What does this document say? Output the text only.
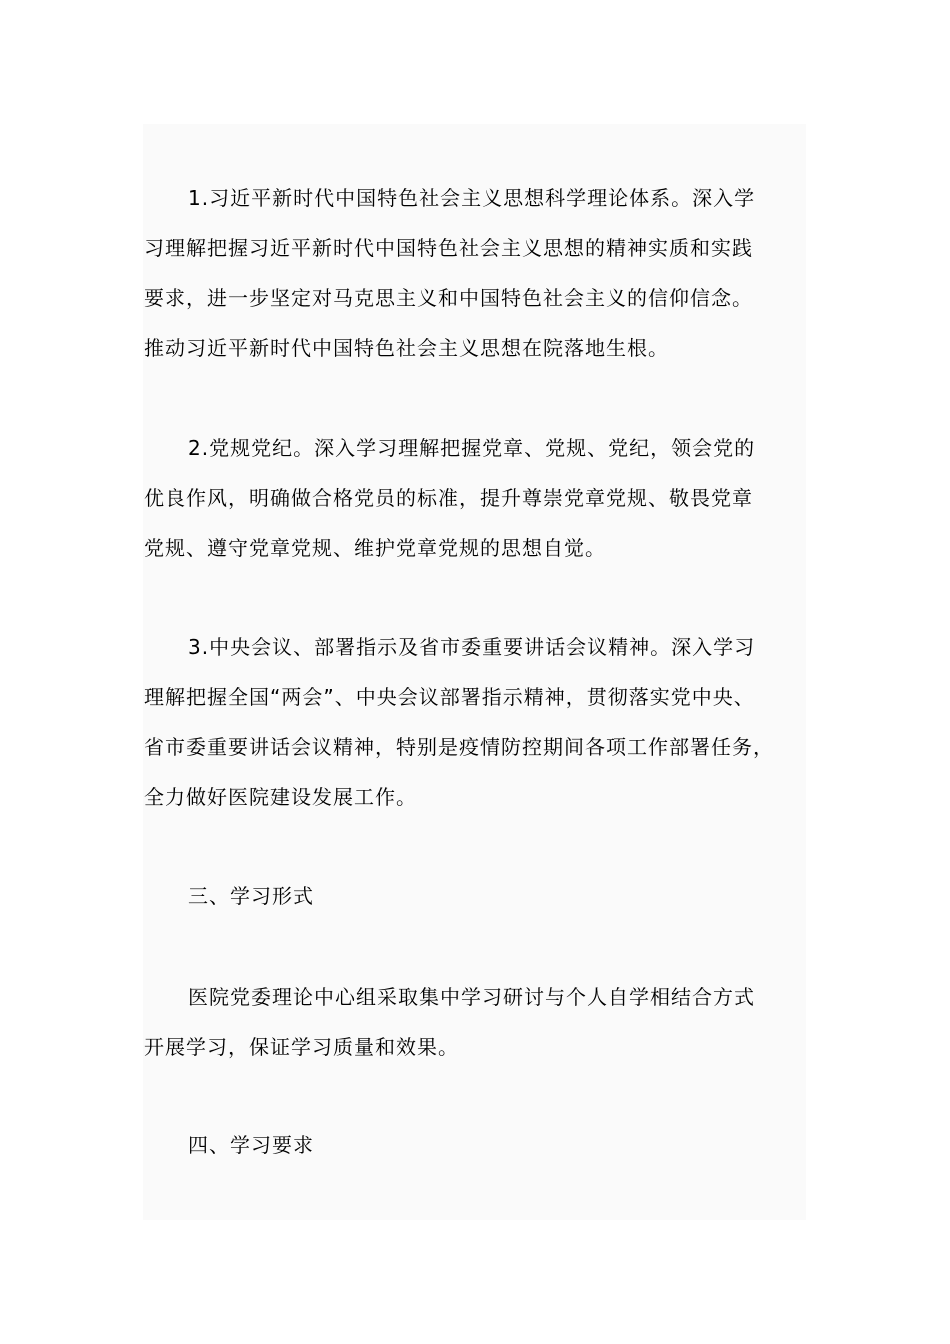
1.习近平新时代中国特色社会主义思想科学理论体系。深入学
习理解把握习近平新时代中国特色社会主义思想的精神实质和实践
要求，进一步坚定对马克思主义和中国特色社会主义的信仰信念。
推动习近平新时代中国特色社会主义思想在院落地生根。

2.党规党纪。深入学习理解把握党章、党规、党纪，领会党的
优良作风，明确做合格党员的标准，提升尊崇党章党规、敬畏党章
党规、遵守党章党规、维护党章党规的思想自觉。

3.中央会议、部署指示及省市委重要讲话会议精神。深入学习
理解把握全国“两会”、中央会议部署指示精神，贯彻落实党中央、
省市委重要讲话会议精神，特别是疫情防控期间各项工作部署任务，
全力做好医院建设发展工作。

三、学习形式

医院党委理论中心组采取集中学习研讨与个人自学相结合方式
开展学习，保证学习质量和效果。

四、学习要求
